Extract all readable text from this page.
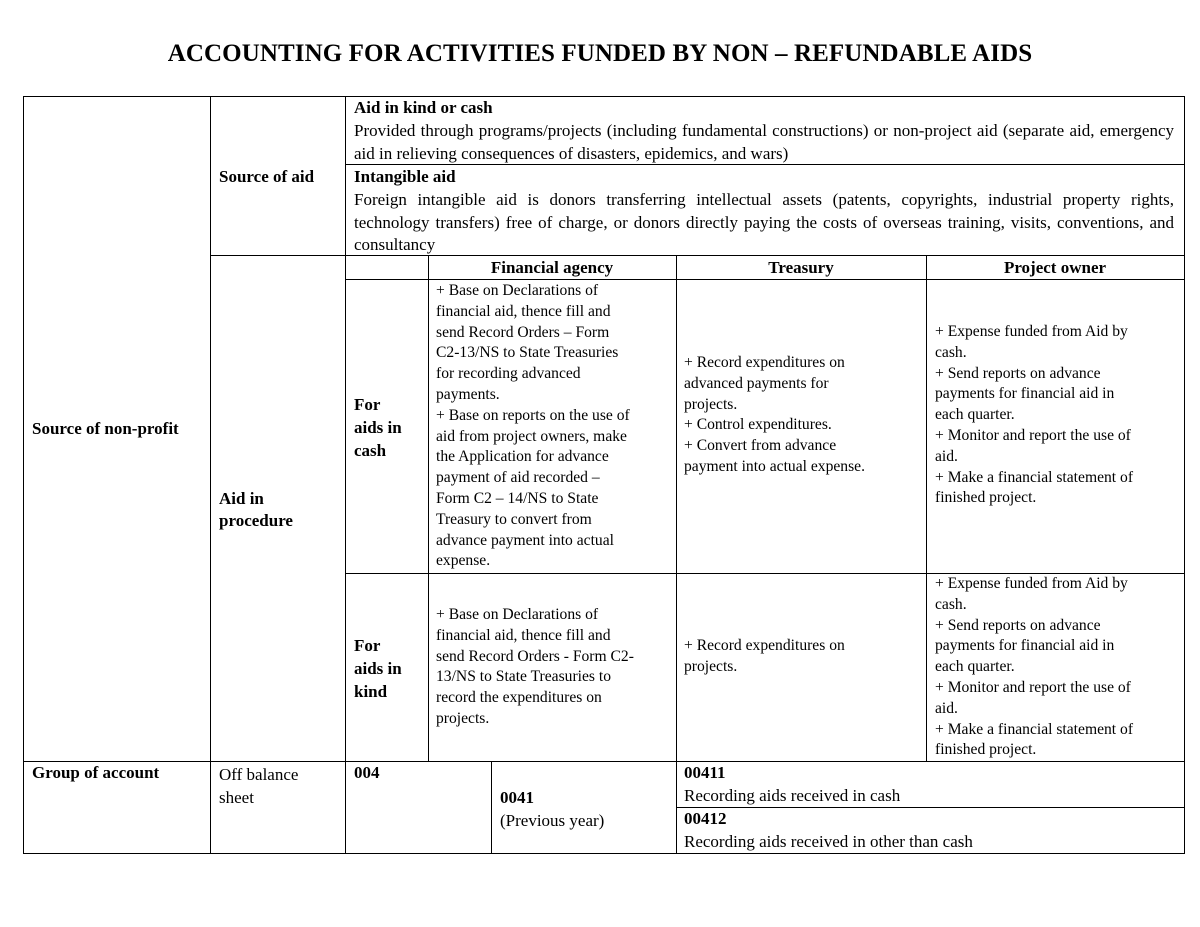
ACCOUNTING FOR ACTIVITIES FUNDED BY NON – REFUNDABLE AIDS
Source of non-profit
Group of account
Source of aid
Aid in
procedure
Off balance
sheet
Aid in kind or cash
Provided through programs/projects (including fundamental constructions) or non-project aid (separate aid, emergency aid in relieving consequences of disasters, epidemics, and wars)
Intangible aid
Foreign intangible aid is donors transferring intellectual assets (patents, copyrights, industrial property rights, technology transfers) free of charge, or donors directly paying the costs of overseas training, visits, conventions, and consultancy
Financial agency	Treasury	Project owner
For
aids in
cash
+ Base on Declarations of
financial aid, thence fill and
send Record Orders – Form
C2-13/NS to State Treasuries
for recording advanced
payments.
+ Base on reports on the use of
aid from project owners, make
the Application for advance
payment of aid recorded –
Form C2 – 14/NS to State
Treasury to convert from
advance payment into actual
expense.
+ Record expenditures on
advanced payments for
projects.
+ Control expenditures.
+ Convert from advance
payment into actual expense.
+ Expense funded from Aid by
cash.
+ Send reports on advance
payments for financial aid in
each quarter.
+ Monitor and report the use of
aid.
+ Make a financial statement of
finished project.
For
aids in
kind
+ Base on Declarations of
financial aid, thence fill and
send Record Orders - Form C2-
13/NS to State Treasuries to
record the expenditures on
projects.
+ Record expenditures on
projects.
+ Expense funded from Aid by
cash.
+ Send reports on advance
payments for financial aid in
each quarter.
+ Monitor and report the use of
aid.
+ Make a financial statement of
finished project.
004

0041
(Previous year)

00411
Recording aids received in cash
00412
Recording aids received in other than cash
